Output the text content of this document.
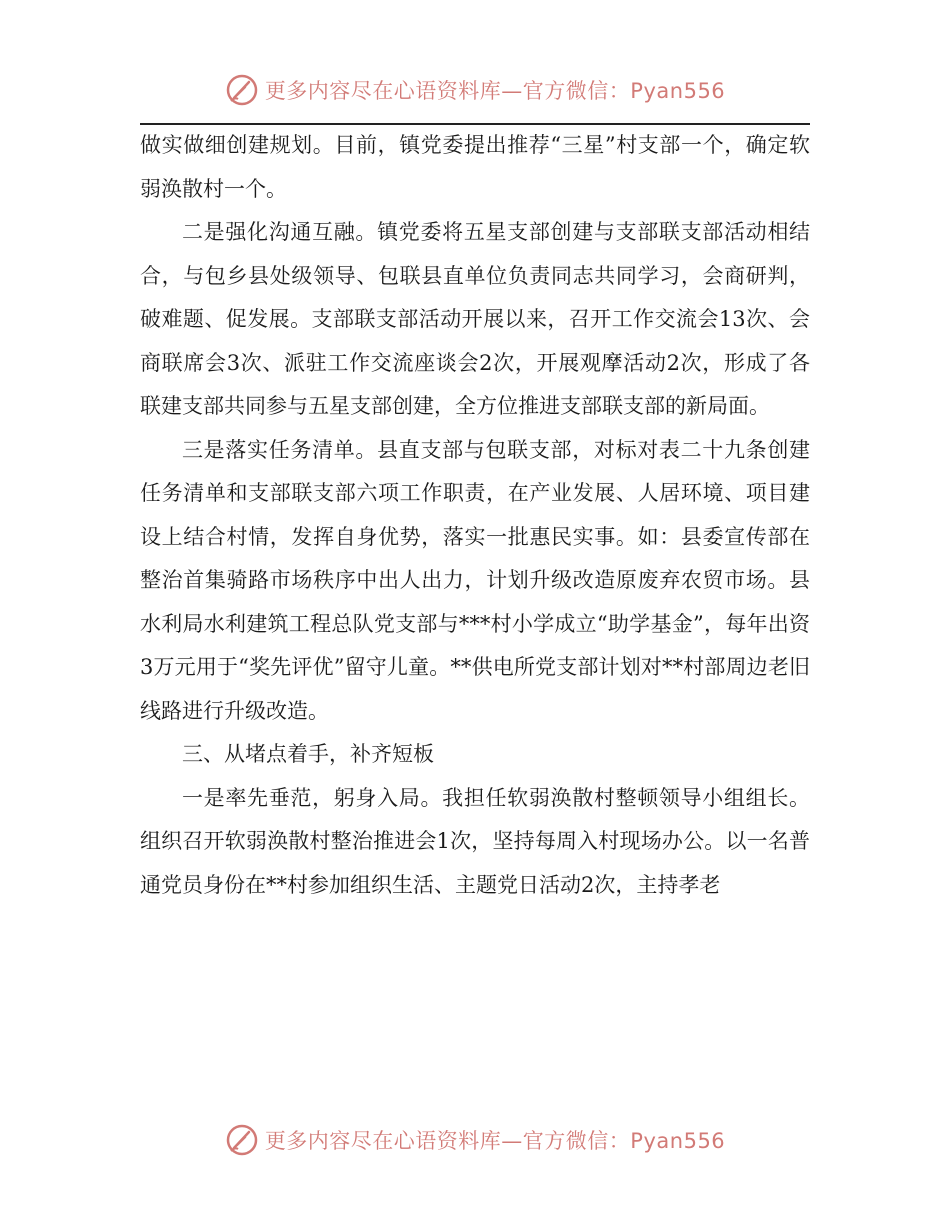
更多内容尽在心语资料库—官方微信：Pyan556

做实做细创建规划。目前，镇党委提出推荐“三星”村支部一个，确定软弱涣散村一个。

二是强化沟通互融。镇党委将五星支部创建与支部联支部活动相结合，与包乡县处级领导、包联县直单位负责同志共同学习，会商研判，破难题、促发展。支部联支部活动开展以来，召开工作交流会13次、会商联席会3次、派驻工作交流座谈会2次，开展观摩活动2次，形成了各联建支部共同参与五星支部创建，全方位推进支部联支部的新局面。

三是落实任务清单。县直支部与包联支部，对标对表二十九条创建任务清单和支部联支部六项工作职责，在产业发展、人居环境、项目建设上结合村情，发挥自身优势，落实一批惠民实事。如：县委宣传部在整治首集骑路市场秩序中出人出力，计划升级改造原废弃农贸市场。县水利局水利建筑工程总队党支部与***村小学成立“助学基金”，每年出资3万元用于“奖先评优”留守儿童。**供电所党支部计划对**村部周边老旧线路进行升级改造。

三、从堵点着手，补齐短板

一是率先垂范，躬身入局。我担任软弱涣散村整顿领导小组组长。组织召开软弱涣散村整治推进会1次，坚持每周入村现场办公。以一名普通党员身份在**村参加组织生活、主题党日活动2次，主持孝老

更多内容尽在心语资料库—官方微信：Pyan556
